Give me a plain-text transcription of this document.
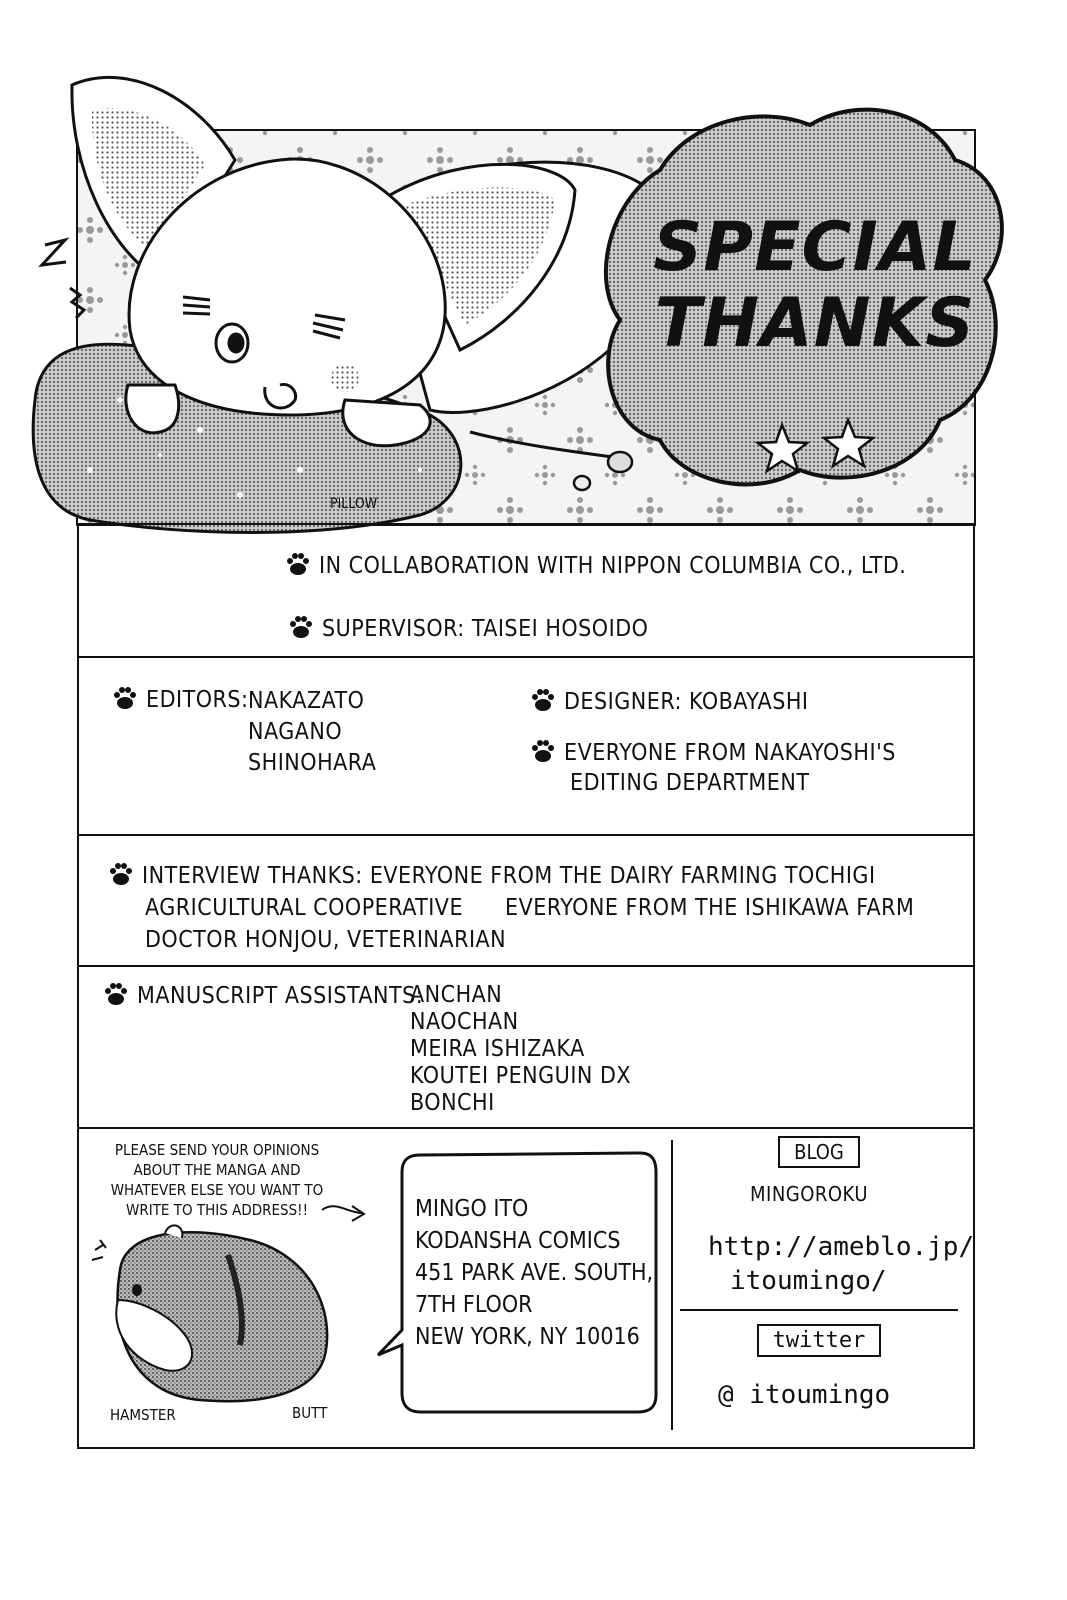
SPECIAL
THANKS
PILLOW
IN COLLABORATION WITH NIPPON COLUMBIA CO., LTD.
SUPERVISOR: TAISEI HOSOIDO
EDITORS: NAKAZATO
NAGANO
SHINOHARA
DESIGNER: KOBAYASHI
EVERYONE FROM NAKAYOSHI'S
EDITING DEPARTMENT
INTERVIEW THANKS: EVERYONE FROM THE DAIRY FARMING TOCHIGI
AGRICULTURAL COOPERATIVE EVERYONE FROM THE ISHIKAWA FARM
DOCTOR HONJOU, VETERINARIAN
MANUSCRIPT ASSISTANTS:
ANCHAN
NAOCHAN
MEIRA ISHIZAKA
KOUTEI PENGUIN DX
BONCHI
PLEASE SEND YOUR OPINIONS
ABOUT THE MANGA AND
WHATEVER ELSE YOU WANT TO
WRITE TO THIS ADDRESS!!
HAMSTER	BUTT
MINGO ITO
KODANSHA COMICS
451 PARK AVE. SOUTH,
7TH FLOOR
NEW YORK, NY 10016
BLOG
MINGOROKU
http://ameblo.jp/
itoumingo/
twitter
@ itoumingo
